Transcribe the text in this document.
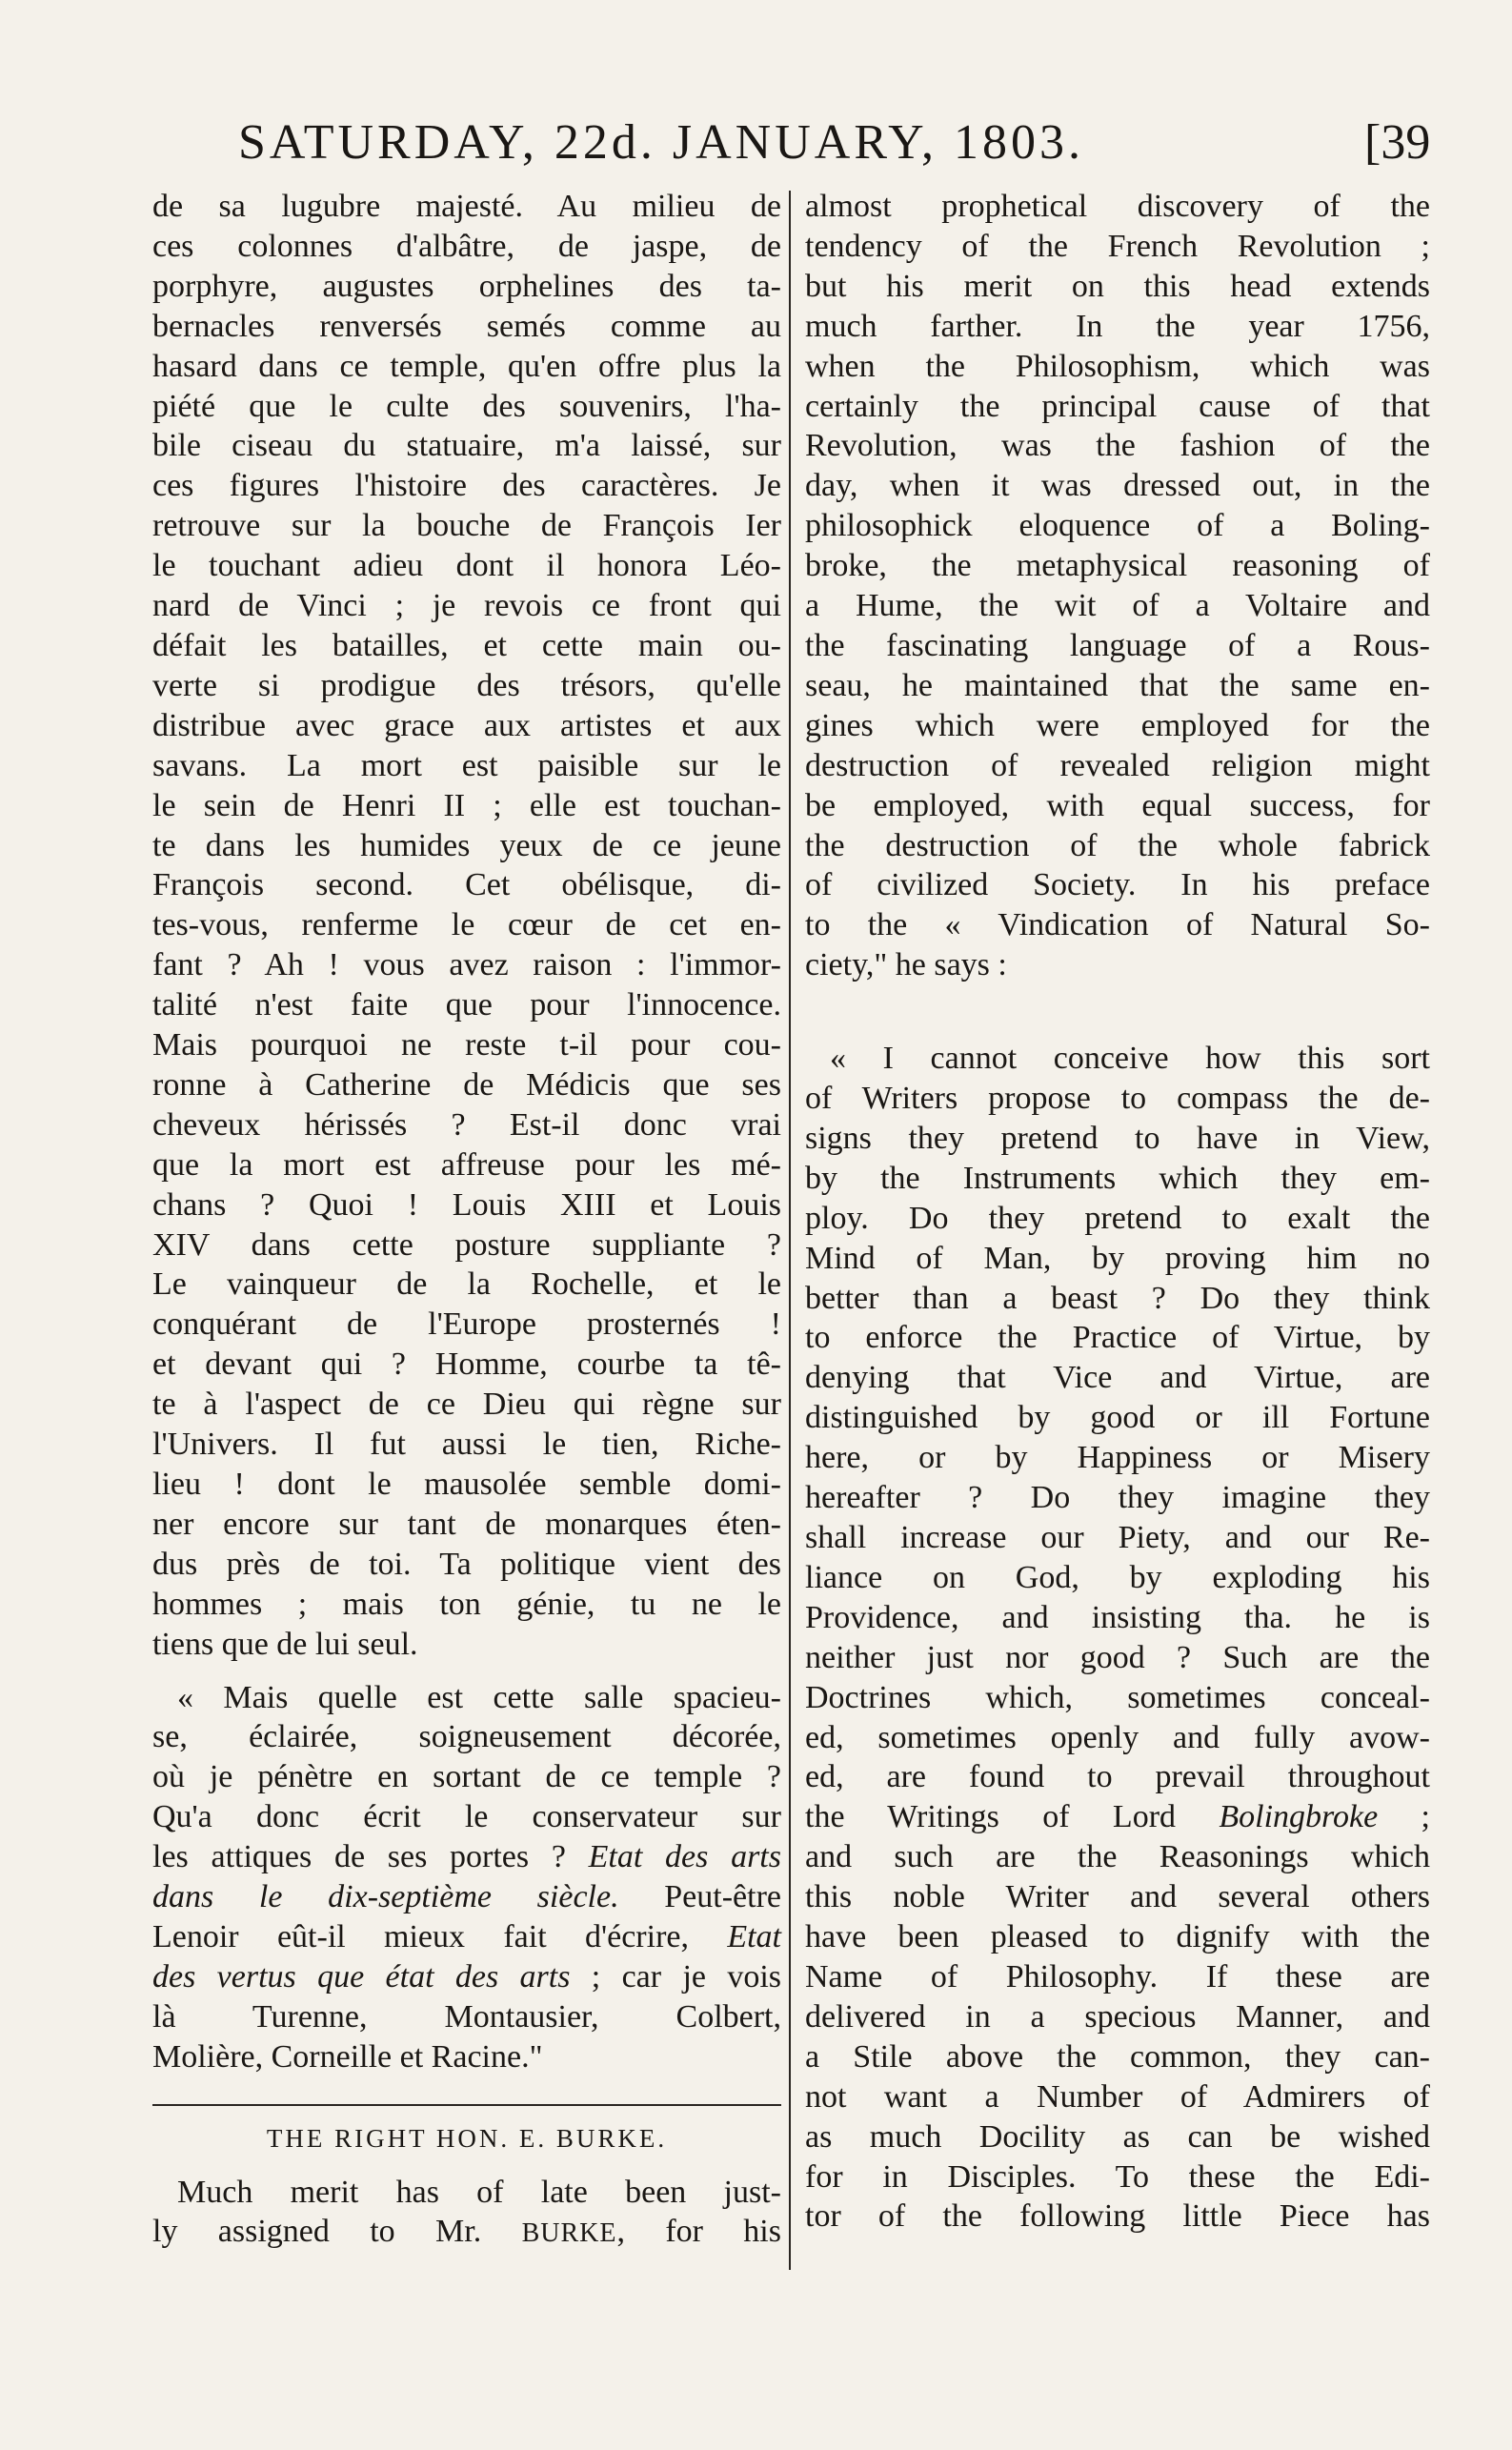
SATURDAY, 22d. JANUARY, 1803.	[39
de sa lugubre majesté. Au milieu de
ces colonnes d'albâtre, de jaspe, de
porphyre, augustes orphelines des ta-
bernacles renversés semés comme au
hasard dans ce temple, qu'en offre plus la
piété que le culte des souvenirs, l'ha-
bile ciseau du statuaire, m'a laissé, sur
ces figures l'histoire des caractères. Je
retrouve sur la bouche de François Ier
le touchant adieu dont il honora Léo-
nard de Vinci ; je revois ce front qui
défait les batailles, et cette main ou-
verte si prodigue des trésors, qu'elle
distribue avec grace aux artistes et aux
savans. La mort est paisible sur le
le sein de Henri II ; elle est touchan-
te dans les humides yeux de ce jeune
François second. Cet obélisque, di-
tes-vous, renferme le cœur de cet en-
fant ? Ah ! vous avez raison : l'immor-
talité n'est faite que pour l'innocence.
Mais pourquoi ne reste t-il pour cou-
ronne à Catherine de Médicis que ses
cheveux hérissés ? Est-il donc vrai
que la mort est affreuse pour les mé-
chans ? Quoi ! Louis XIII et Louis
XIV dans cette posture suppliante ?
Le vainqueur de la Rochelle, et le
conquérant de l'Europe prosternés !
et devant qui ? Homme, courbe ta tê-
te à l'aspect de ce Dieu qui règne sur
l'Univers. Il fut aussi le tien, Riche-
lieu ! dont le mausolée semble domi-
ner encore sur tant de monarques éten-
dus près de toi. Ta politique vient des
hommes ; mais ton génie, tu ne le
tiens que de lui seul.
« Mais quelle est cette salle spacieu-
se, éclairée, soigneusement décorée,
où je pénètre en sortant de ce temple ?
Qu'a donc écrit le conservateur sur
les attiques de ses portes ? Etat des arts
dans le dix-septième siècle. Peut-être
Lenoir eût-il mieux fait d'écrire, Etat
des vertus que état des arts ; car je vois
là Turenne, Montausier, Colbert,
Molière, Corneille et Racine."
THE RIGHT HON. E. BURKE.
Much merit has of late been just-
ly assigned to Mr. BURKE, for his
almost prophetical discovery of the
tendency of the French Revolution ;
but his merit on this head extends
much farther. In the year 1756,
when the Philosophism, which was
certainly the principal cause of that
Revolution, was the fashion of the
day, when it was dressed out, in the
philosophick eloquence of a Boling-
broke, the metaphysical reasoning of
a Hume, the wit of a Voltaire and
the fascinating language of a Rous-
seau, he maintained that the same en-
gines which were employed for the
destruction of revealed religion might
be employed, with equal success, for
the destruction of the whole fabrick
of civilized Society. In his preface
to the « Vindication of Natural So-
ciety," he says :
« I cannot conceive how this sort
of Writers propose to compass the de-
signs they pretend to have in View,
by the Instruments which they em-
ploy. Do they pretend to exalt the
Mind of Man, by proving him no
better than a beast ? Do they think
to enforce the Practice of Virtue, by
denying that Vice and Virtue, are
distinguished by good or ill Fortune
here, or by Happiness or Misery
hereafter ? Do they imagine they
shall increase our Piety, and our Re-
liance on God, by exploding his
Providence, and insisting tha. he is
neither just nor good ? Such are the
Doctrines which, sometimes conceal-
ed, sometimes openly and fully avow-
ed, are found to prevail throughout
the Writings of Lord Bolingbroke ;
and such are the Reasonings which
this noble Writer and several others
have been pleased to dignify with the
Name of Philosophy. If these are
delivered in a specious Manner, and
a Stile above the common, they can-
not want a Number of Admirers of
as much Docility as can be wished
for in Disciples. To these the Edi-
tor of the following little Piece has
